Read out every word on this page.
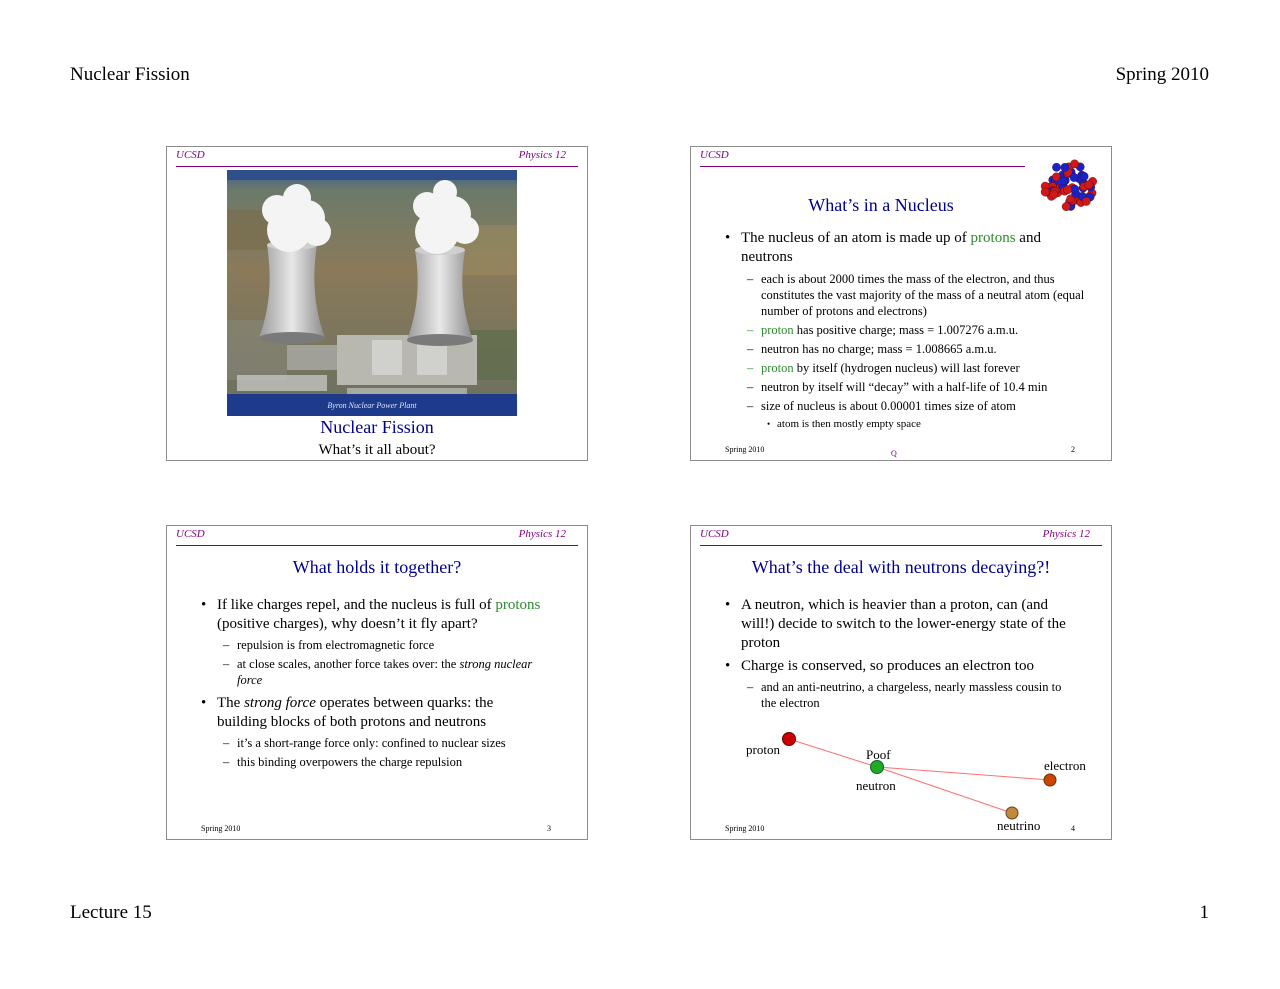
Nuclear Fission	Spring 2010
Lecture 15	1
UCSD	Physics 12
Byron Nuclear Power Plant
Nuclear Fission
What’s it all about?
UCSD
What’s in a Nucleus
• The nucleus of an atom is made up of protons and neutrons
– each is about 2000 times the mass of the electron, and thus constitutes the vast majority of the mass of a neutral atom (equal number of protons and electrons)
– proton has positive charge; mass = 1.007276 a.m.u.
– neutron has no charge; mass = 1.008665 a.m.u.
– proton by itself (hydrogen nucleus) will last forever
– neutron by itself will “decay” with a half-life of 10.4 min
– size of nucleus is about 0.00001 times size of atom
• atom is then mostly empty space
Spring 2010	Q	2
UCSD	Physics 12
What holds it together?
• If like charges repel, and the nucleus is full of protons (positive charges), why doesn’t it fly apart?
– repulsion is from electromagnetic force
– at close scales, another force takes over: the strong nuclear force
• The strong force operates between quarks: the building blocks of both protons and neutrons
– it’s a short-range force only: confined to nuclear sizes
– this binding overpowers the charge repulsion
Spring 2010	3
UCSD	Physics 12
What’s the deal with neutrons decaying?!
• A neutron, which is heavier than a proton, can (and will!) decide to switch to the lower-energy state of the proton
• Charge is conserved, so produces an electron too
– and an anti-neutrino, a chargeless, nearly massless cousin to the electron
proton	Poof
neutron
electron
neutrino
Spring 2010	4
